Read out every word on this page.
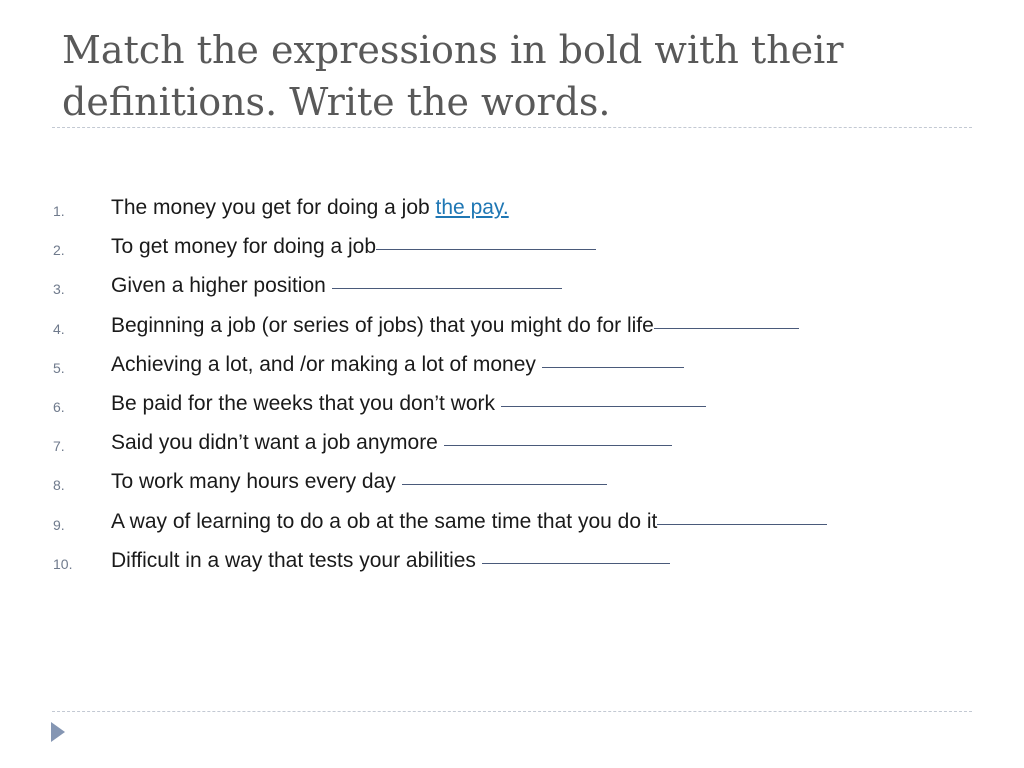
Match the expressions in bold with their definitions. Write the words.
1.	The money you get for doing a job the pay.
2.	To get money for doing a job
3.	Given a higher position
4.	Beginning a job (or series of jobs) that you might do for life
5.	Achieving a lot, and /or making a lot of money
6.	Be paid for the weeks that you don’t work
7.	Said you didn’t want a job anymore
8.	To work many hours every day
9.	A way of learning to do a ob at the same time that you do it
10.	Difficult in a way that tests your abilities
